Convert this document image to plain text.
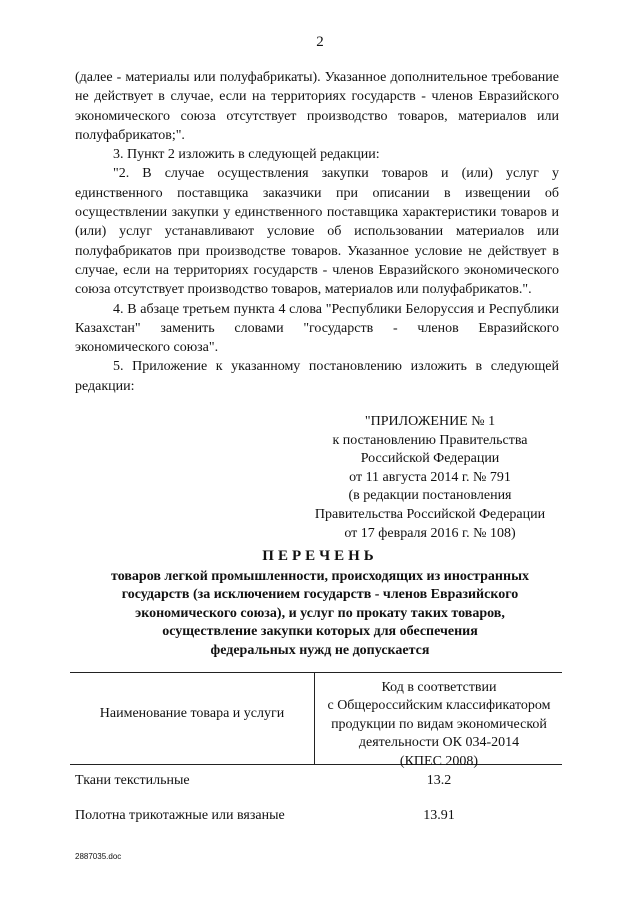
2

(далее - материалы или полуфабрикаты). Указанное дополнительное требование не действует в случае, если на территориях государств - членов Евразийского экономического союза отсутствует производство товаров, материалов или полуфабрикатов;".

3. Пункт 2 изложить в следующей редакции:

"2. В случае осуществления закупки товаров и (или) услуг у единственного поставщика заказчики при описании в извещении об осуществлении закупки у единственного поставщика характеристики товаров и (или) услуг устанавливают условие об использовании материалов или полуфабрикатов при производстве товаров. Указанное условие не действует в случае, если на территориях государств - членов Евразийского экономического союза отсутствует производство товаров, материалов или полуфабрикатов.".

4. В абзаце третьем пункта 4 слова "Республики Белоруссия и Республики Казахстан" заменить словами "государств - членов Евразийского экономического союза".

5. Приложение к указанному постановлению изложить в следующей редакции:

"ПРИЛОЖЕНИЕ № 1
к постановлению Правительства
Российской Федерации
от 11 августа 2014 г. № 791
(в редакции постановления
Правительства Российской Федерации
от 17 февраля 2016 г. № 108)
ПЕРЕЧЕНЬ
товаров легкой промышленности, происходящих из иностранных
государств (за исключением государств - членов Евразийского
экономического союза), и услуг по прокату таких товаров,
осуществление закупки которых для обеспечения
федеральных нужд не допускается
Наименование товара и услуги
Код в соответствии
с Общероссийским классификатором
продукции по видам экономической
деятельности ОК 034-2014
(КПЕС 2008)
Ткани текстильные	13.2
Полотна трикотажные или вязаные	13.91
2887035.doc
